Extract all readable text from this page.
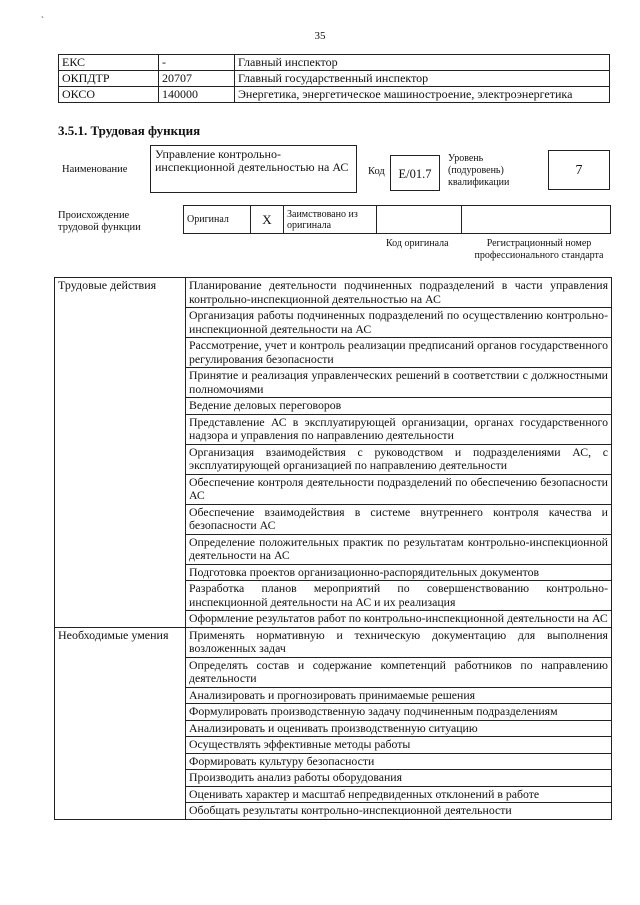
`
35
ЕКС	-	Главный инспектор
ОКПДТР	20707	Главный государственный инспектор
ОКСО	140000	Энергетика, энергетическое машиностроение, электроэнергетика
3.5.1. Трудовая функция
Наименование
Управление контрольно-инспекционной деятельностью на АС	Код	E/01.7
Уровень (подуровень) квалификации
7
Происхождение трудовой функции
Оригинал	X	Заимствовано из оригинала		
Код оригинала	Регистрационный номер профессионального стандарта
Трудовые действия	Планирование деятельности подчиненных подразделений в части управления контрольно-инспекционной деятельностью на АС
	Организация работы подчиненных подразделений по осуществлению контрольно-инспекционной деятельности на АС
	Рассмотрение, учет и контроль реализации предписаний органов государственного регулирования безопасности
	Принятие и реализация управленческих решений в соответствии с должностными полномочиями
	Ведение деловых переговоров
	Представление АС в эксплуатирующей организации, органах государственного надзора и управления по направлению деятельности
	Организация взаимодействия с руководством и подразделениями АС, с эксплуатирующей организацией по направлению деятельности
	Обеспечение контроля деятельности подразделений по обеспечению безопасности АС
	Обеспечение взаимодействия в системе внутреннего контроля качества и безопасности АС
	Определение положительных практик по результатам контрольно-инспекционной деятельности на АС
	Подготовка проектов организационно-распорядительных документов
	Разработка планов мероприятий по совершенствованию контрольно-инспекционной деятельности на АС и их реализация
	Оформление результатов работ по контрольно-инспекционной деятельности на АС
Необходимые умения	Применять нормативную и техническую документацию для выполнения возложенных задач
	Определять состав и содержание компетенций работников по направлению деятельности
	Анализировать и прогнозировать принимаемые решения
	Формулировать производственную задачу подчиненным подразделениям
	Анализировать и оценивать производственную ситуацию
	Осуществлять эффективные методы работы
	Формировать культуру безопасности
	Производить анализ работы оборудования
	Оценивать характер и масштаб непредвиденных отклонений в работе
	Обобщать результаты контрольно-инспекционной деятельности
